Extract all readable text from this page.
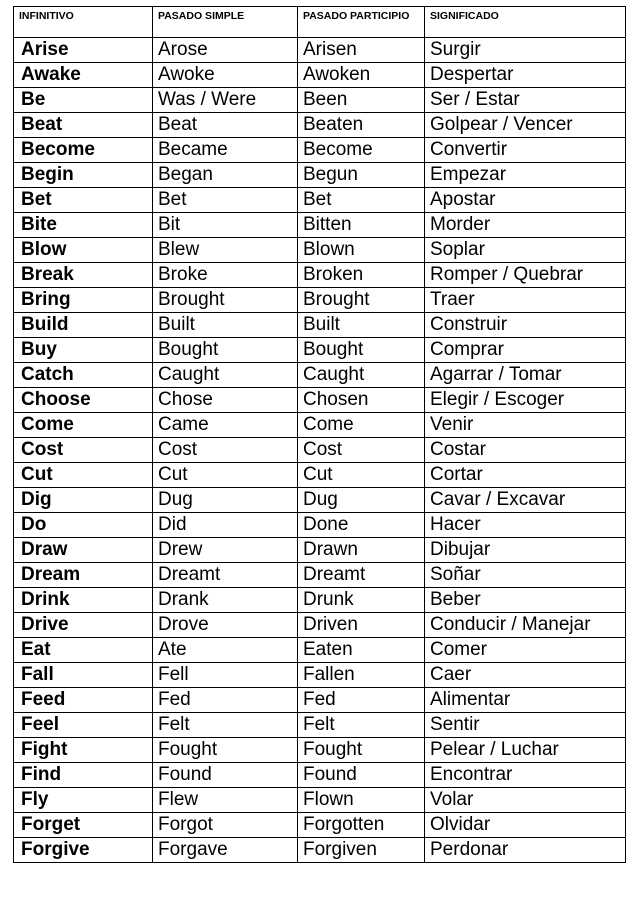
INFINITIVO	PASADO SIMPLE	PASADO PARTICIPIO	SIGNIFICADO
Arise	Arose	Arisen	Surgir
Awake	Awoke	Awoken	Despertar
Be	Was / Were	Been	Ser / Estar
Beat	Beat	Beaten	Golpear / Vencer
Become	Became	Become	Convertir
Begin	Began	Begun	Empezar
Bet	Bet	Bet	Apostar
Bite	Bit	Bitten	Morder
Blow	Blew	Blown	Soplar
Break	Broke	Broken	Romper / Quebrar
Bring	Brought	Brought	Traer
Build	Built	Built	Construir
Buy	Bought	Bought	Comprar
Catch	Caught	Caught	Agarrar / Tomar
Choose	Chose	Chosen	Elegir / Escoger
Come	Came	Come	Venir
Cost	Cost	Cost	Costar
Cut	Cut	Cut	Cortar
Dig	Dug	Dug	Cavar / Excavar
Do	Did	Done	Hacer
Draw	Drew	Drawn	Dibujar
Dream	Dreamt	Dreamt	Soñar
Drink	Drank	Drunk	Beber
Drive	Drove	Driven	Conducir / Manejar
Eat	Ate	Eaten	Comer
Fall	Fell	Fallen	Caer
Feed	Fed	Fed	Alimentar
Feel	Felt	Felt	Sentir
Fight	Fought	Fought	Pelear / Luchar
Find	Found	Found	Encontrar
Fly	Flew	Flown	Volar
Forget	Forgot	Forgotten	Olvidar
Forgive	Forgave	Forgiven	Perdonar
